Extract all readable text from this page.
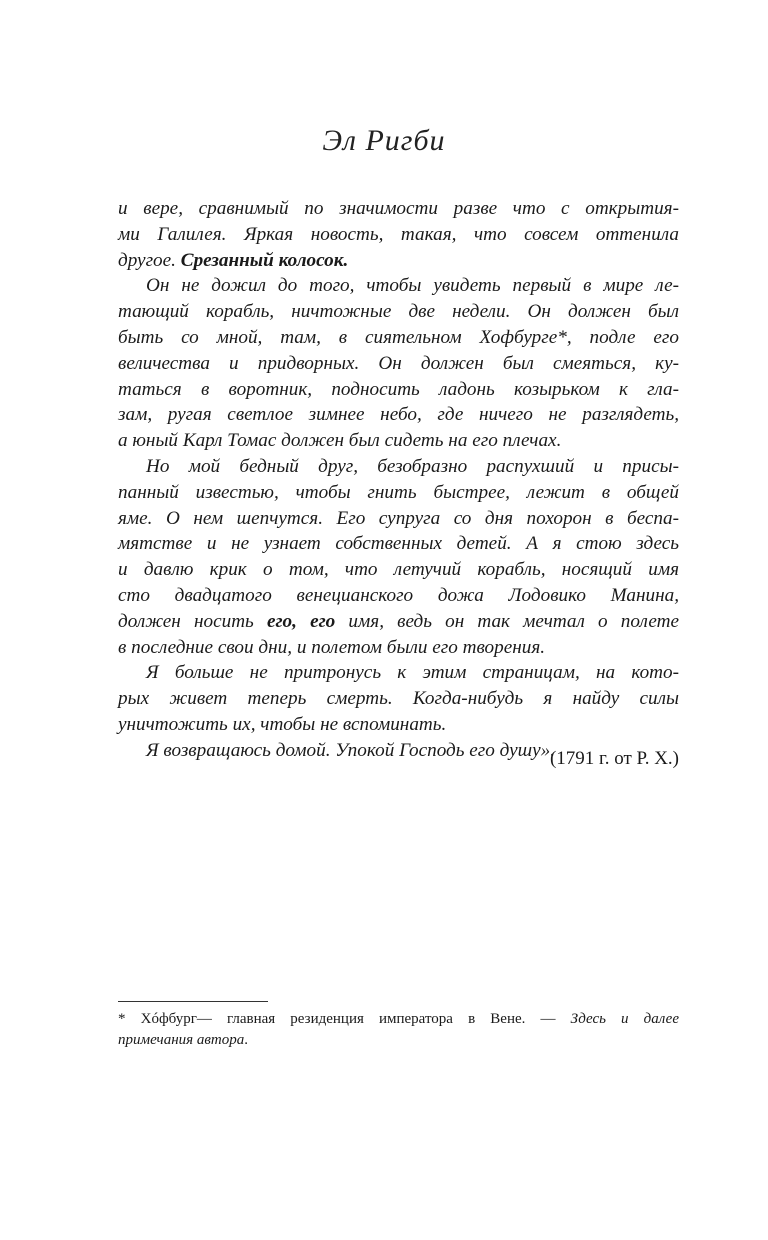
Эл Ригби
и вере, сравнимый по значимости разве что с открытия-
ми Галилея. Яркая новость, такая, что совсем оттенила
другое. Срезанный колосок.
Он не дожил до того, чтобы увидеть первый в мире ле-
тающий корабль, ничтожные две недели. Он должен был
быть со мной, там, в сиятельном Хофбурге*, подле его
величества и придворных. Он должен был смеяться, ку-
таться в воротник, подносить ладонь козырьком к гла-
зам, ругая светлое зимнее небо, где ничего не разглядеть,
а юный Карл Томас должен был сидеть на его плечах.
Но мой бедный друг, безобразно распухший и присы-
панный известью, чтобы гнить быстрее, лежит в общей
яме. О нем шепчутся. Его супруга со дня похорон в беспа-
мятстве и не узнает собственных детей. А я стою здесь
и давлю крик о том, что летучий корабль, носящий имя
сто двадцатого венецианского дожа Лодовико Манина,
должен носить его, его имя, ведь он так мечтал о полете
в последние свои дни, и полетом были его творения.
Я больше не притронусь к этим страницам, на кото-
рых живет теперь смерть. Когда-нибудь я найду силы
уничтожить их, чтобы не вспоминать.
Я возвращаюсь домой. Упокой Господь его душу».
(1791 г. от Р. Х.)
* Хóфбург— главная резиденция императора в Вене. — Здесь и далее
примечания автора.
